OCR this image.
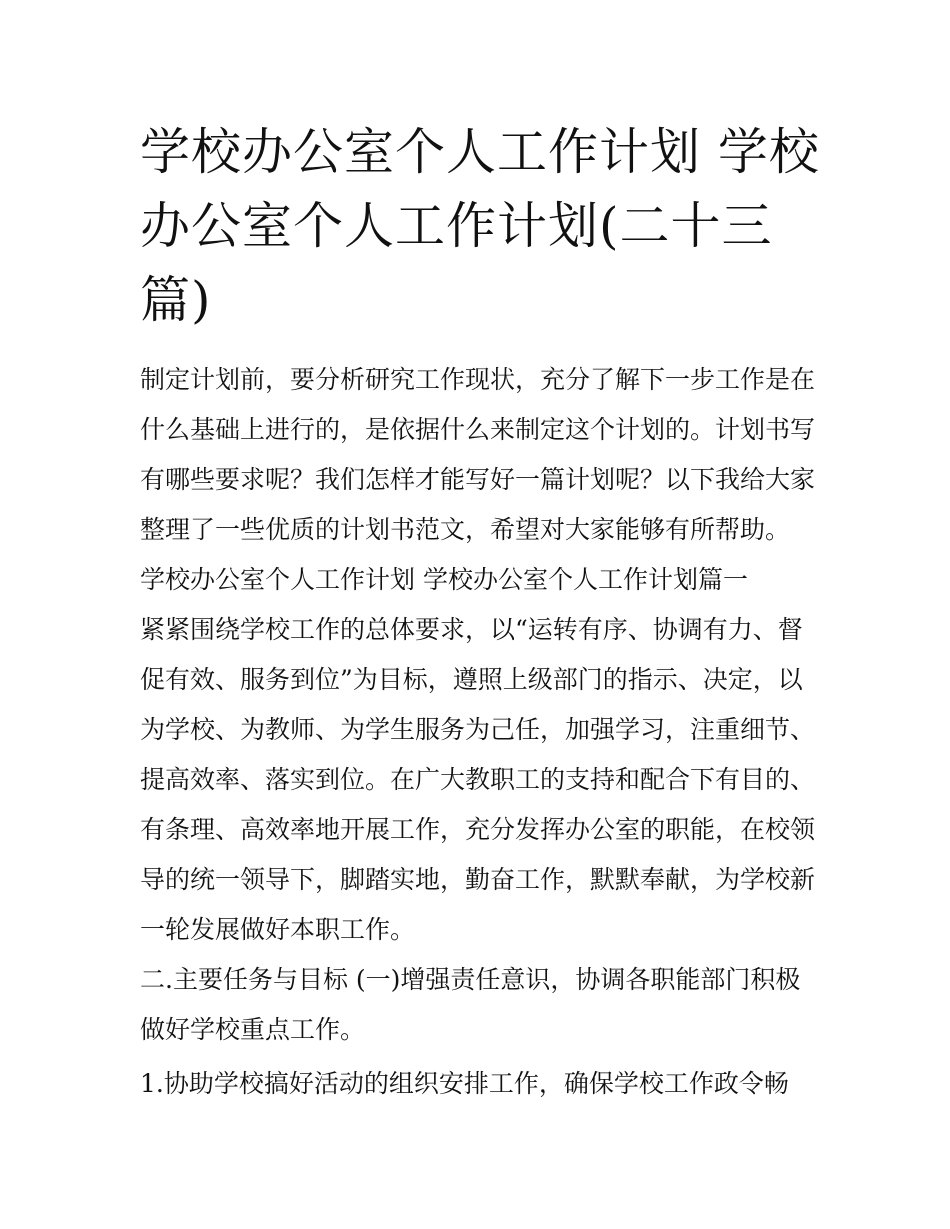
学校办公室个人工作计划 学校办公室个人工作计划(二十三篇)

制定计划前，要分析研究工作现状，充分了解下一步工作是在什么基础上进行的，是依据什么来制定这个计划的。计划书写有哪些要求呢？我们怎样才能写好一篇计划呢？以下我给大家整理了一些优质的计划书范文，希望对大家能够有所帮助。

学校办公室个人工作计划 学校办公室个人工作计划篇一

紧紧围绕学校工作的总体要求，以“运转有序、协调有力、督促有效、服务到位”为目标，遵照上级部门的指示、决定，以为学校、为教师、为学生服务为己任，加强学习，注重细节、提高效率、落实到位。在广大教职工的支持和配合下有目的、有条理、高效率地开展工作，充分发挥办公室的职能，在校领导的统一领导下，脚踏实地，勤奋工作，默默奉献，为学校新一轮发展做好本职工作。

二.主要任务与目标 (一)增强责任意识，协调各职能部门积极做好学校重点工作。

1.协助学校搞好活动的组织安排工作，确保学校工作政令畅
